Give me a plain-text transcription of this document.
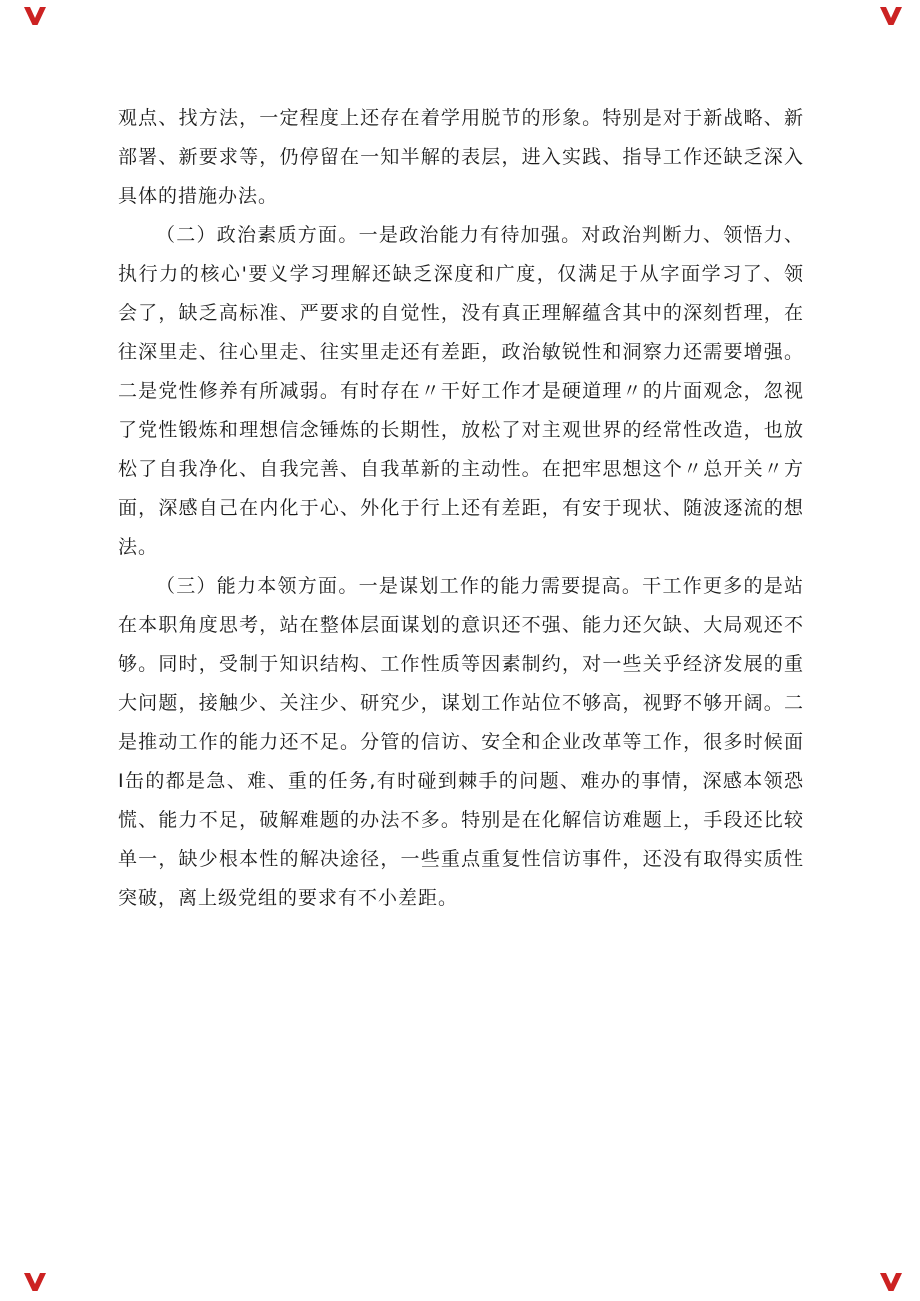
观点、找方法，一定程度上还存在着学用脱节的形象。特别是对于新战略、新部署、新要求等，仍停留在一知半解的表层，进入实践、指导工作还缺乏深入具体的措施办法。

（二）政治素质方面。一是政治能力有待加强。对政治判断力、领悟力、执行力的核心'要义学习理解还缺乏深度和广度，仅满足于从字面学习了、领会了，缺乏高标准、严要求的自觉性，没有真正理解蕴含其中的深刻哲理，在往深里走、往心里走、往实里走还有差距，政治敏锐性和洞察力还需要增强。二是党性修养有所减弱。有时存在〃干好工作才是硬道理〃的片面观念，忽视了党性锻炼和理想信念锤炼的长期性，放松了对主观世界的经常性改造，也放松了自我净化、自我完善、自我革新的主动性。在把牢思想这个〃总开关〃方面，深感自己在内化于心、外化于行上还有差距，有安于现状、随波逐流的想法。

（三）能力本领方面。一是谋划工作的能力需要提高。干工作更多的是站在本职角度思考，站在整体层面谋划的意识还不强、能力还欠缺、大局观还不够。同时，受制于知识结构、工作性质等因素制约，对一些关乎经济发展的重大问题，接触少、关注少、研究少，谋划工作站位不够高，视野不够开阔。二是推动工作的能力还不足。分管的信访、安全和企业改革等工作，很多时候面Ⅰ缶的都是急、难、重的任务,有时碰到棘手的问题、难办的事情，深感本领恐慌、能力不足，破解难题的办法不多。特别是在化解信访难题上，手段还比较单一，缺少根本性的解决途径，一些重点重复性信访事件，还没有取得实质性突破，离上级党组的要求有不小差距。
